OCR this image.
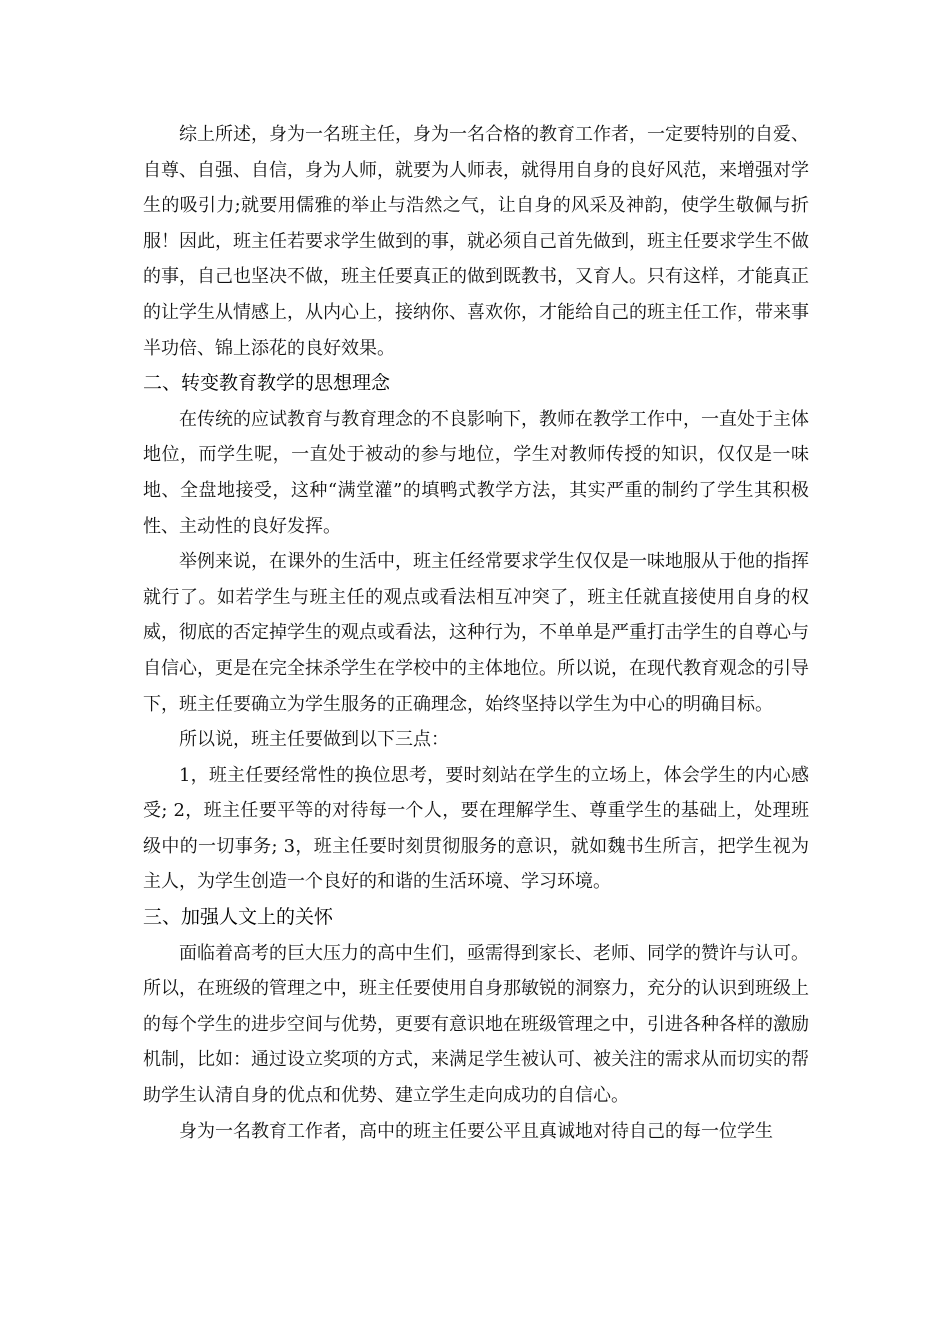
综上所述，身为一名班主任，身为一名合格的教育工作者，一定要特别的自爱、自尊、自强、自信，身为人师，就要为人师表，就得用自身的良好风范，来增强对学生的吸引力;就要用儒雅的举止与浩然之气，让自身的风采及神韵，使学生敬佩与折服！因此，班主任若要求学生做到的事，就必须自己首先做到，班主任要求学生不做的事，自己也坚决不做，班主任要真正的做到既教书，又育人。只有这样，才能真正的让学生从情感上，从内心上，接纳你、喜欢你，才能给自己的班主任工作，带来事半功倍、锦上添花的良好效果。

二、转变教育教学的思想理念

在传统的应试教育与教育理念的不良影响下，教师在教学工作中，一直处于主体地位，而学生呢，一直处于被动的参与地位，学生对教师传授的知识，仅仅是一味地、全盘地接受，这种“满堂灌”的填鸭式教学方法，其实严重的制约了学生其积极性、主动性的良好发挥。

举例来说，在课外的生活中，班主任经常要求学生仅仅是一味地服从于他的指挥就行了。如若学生与班主任的观点或看法相互冲突了，班主任就直接使用自身的权威，彻底的否定掉学生的观点或看法，这种行为，不单单是严重打击学生的自尊心与自信心，更是在完全抹杀学生在学校中的主体地位。所以说，在现代教育观念的引导下，班主任要确立为学生服务的正确理念，始终坚持以学生为中心的明确目标。

所以说，班主任要做到以下三点：

1，班主任要经常性的换位思考，要时刻站在学生的立场上，体会学生的内心感受; 2，班主任要平等的对待每一个人，要在理解学生、尊重学生的基础上，处理班级中的一切事务; 3，班主任要时刻贯彻服务的意识，就如魏书生所言，把学生视为主人，为学生创造一个良好的和谐的生活环境、学习环境。

三、加强人文上的关怀

面临着高考的巨大压力的高中生们，亟需得到家长、老师、同学的赞许与认可。所以，在班级的管理之中，班主任要使用自身那敏锐的洞察力，充分的认识到班级上的每个学生的进步空间与优势，更要有意识地在班级管理之中，引进各种各样的激励机制，比如：通过设立奖项的方式，来满足学生被认可、被关注的需求从而切实的帮助学生认清自身的优点和优势、建立学生走向成功的自信心。

身为一名教育工作者，高中的班主任要公平且真诚地对待自己的每一位学生
